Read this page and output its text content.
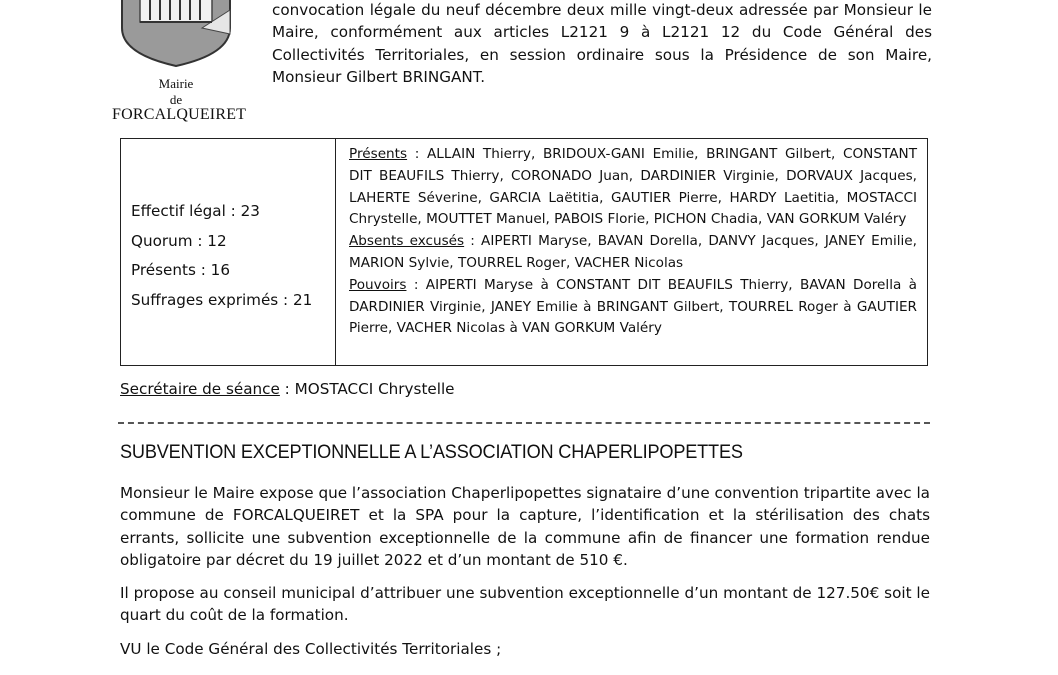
Mairie
de
FORCALQUEIRET

convocation légale du neuf décembre deux mille vingt-deux adressée par Monsieur le Maire, conformément aux articles L2121 9 à L2121 12 du Code Général des Collectivités Territoriales, en session ordinaire sous la Présidence de son Maire, Monsieur Gilbert BRINGANT.

Effectif légal : 23
Quorum : 12
Présents : 16
Suffrages exprimés : 21

Présents : ALLAIN Thierry, BRIDOUX-GANI Emilie, BRINGANT Gilbert, CONSTANT DIT BEAUFILS Thierry, CORONADO Juan, DARDINIER Virginie, DORVAUX Jacques, LAHERTE Séverine, GARCIA Laëtitia, GAUTIER Pierre, HARDY Laetitia, MOSTACCI Chrystelle, MOUTTET Manuel, PABOIS Florie, PICHON Chadia, VAN GORKUM Valéry

Absents excusés : AIPERTI Maryse, BAVAN Dorella, DANVY Jacques, JANEY Emilie, MARION Sylvie, TOURREL Roger, VACHER Nicolas

Pouvoirs : AIPERTI Maryse à CONSTANT DIT BEAUFILS Thierry, BAVAN Dorella à DARDINIER Virginie, JANEY Emilie à BRINGANT Gilbert, TOURREL Roger à GAUTIER Pierre, VACHER Nicolas à VAN GORKUM Valéry

Secrétaire de séance : MOSTACCI Chrystelle
SUBVENTION EXCEPTIONNELLE A L’ASSOCIATION CHAPERLIPOPETTES

Monsieur le Maire expose que l’association Chaperlipopettes signataire d’une convention tripartite avec la commune de FORCALQUEIRET et la SPA pour la capture, l’identification et la stérilisation des chats errants, sollicite une subvention exceptionnelle de la commune afin de financer une formation rendue obligatoire par décret du 19 juillet 2022 et d’un montant de 510 €.

Il propose au conseil municipal d’attribuer une subvention exceptionnelle d’un montant de 127.50€ soit le quart du coût de la formation.

VU le Code Général des Collectivités Territoriales ;
